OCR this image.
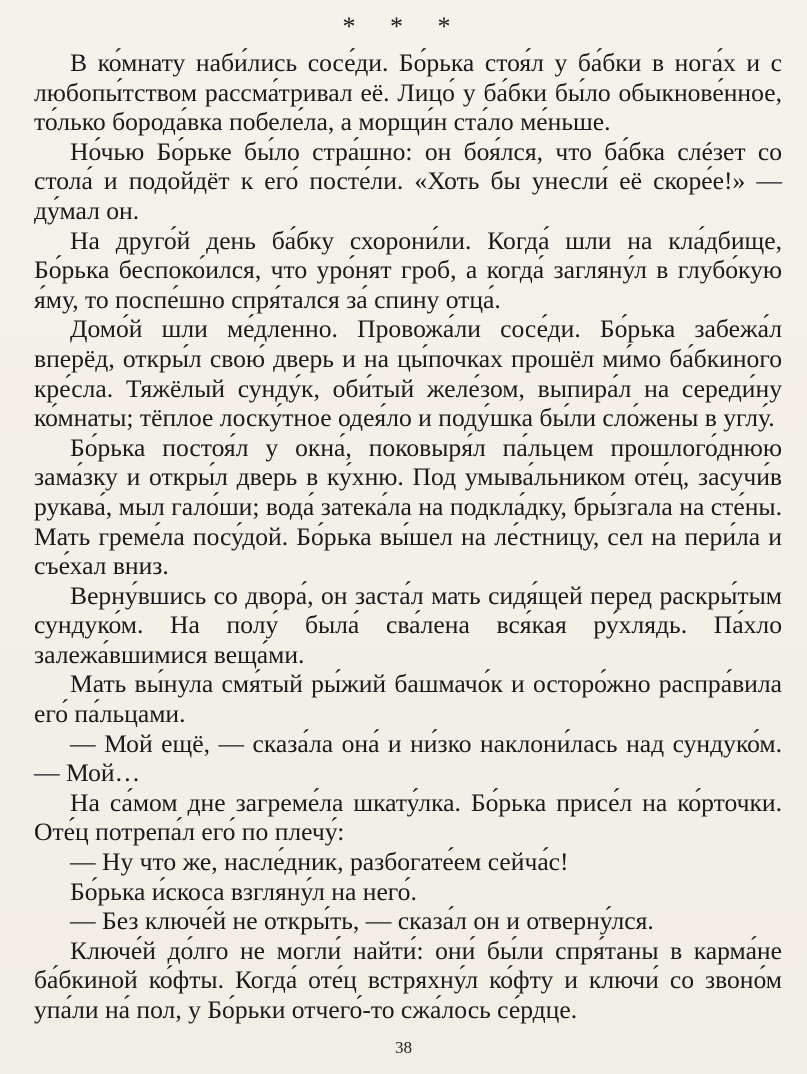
* * *

В ко́мнату наби́лись сосе́ди. Бо́рька стоя́л у ба́бки в нога́х и с любопы́тством рассма́тривал её. Лицо́ у ба́бки бы́ло обыкнове́нное, то́лько борода́вка побеле́ла, а морщи́н ста́ло ме́ньше.

Но́чью Бо́рьке бы́ло стра́шно: он боя́лся, что ба́бка слéзет со стола́ и подойдёт к его́ посте́ли. «Хоть бы унесли́ её скоре́е!» — ду́мал он.

На друго́й день ба́бку схорони́ли. Когда́ шли на кла́дбище, Бо́рька беспоко́ился, что уро́нят гроб, а когда́ загляну́л в глубо́кую я́му, то поспе́шно спря́тался за́ спину отца́.

Домо́й шли ме́дленно. Провожа́ли сосе́ди. Бо́рька забежа́л вперёд, откры́л свою́ дверь и на цы́почках прошёл ми́мо ба́бкиного кре́сла. Тяжёлый сунду́к, оби́тый желе́зом, выпира́л на середи́ну ко́мнаты; тёплое лоску́тное одея́ло и поду́шка бы́ли сло́жены в углу́.

Бо́рька постоя́л у окна́, поковыря́л па́льцем прошлого́днюю зама́зку и откры́л дверь в ку́хню. Под умыва́льником оте́ц, засучи́в рукава́, мыл гало́ши; вода́ затека́ла на подкла́дку, бры́згала на сте́ны. Мать греме́ла посу́дой. Бо́рька вы́шел на ле́стницу, сел на пери́ла и съе́хал вниз.

Верну́вшись со двора́, он заста́л мать сидя́щей перед раскры́тым сундуко́м. На полу́ была́ сва́лена вся́кая ру́хлядь. Па́хло залежа́вшимися веща́ми.

Мать вы́нула смя́тый ры́жий башмачо́к и осторо́жно распра́вила его́ па́льцами.

— Мой ещё, — сказа́ла она́ и ни́зко наклони́лась над сундуко́м. — Мой…

На са́мом дне загреме́ла шкату́лка. Бо́рька присе́л на ко́рточки. Оте́ц потрепа́л его́ по плечу́:

— Ну что же, насле́дник, разбогате́ем сейча́с!

Бо́рька и́скоса взгляну́л на него́.

— Без ключе́й не откры́ть, — сказа́л он и отверну́лся.

Ключе́й до́лго не могли́ найти́: они́ бы́ли спря́таны в карма́не ба́бкиной ко́фты. Когда́ оте́ц встряхну́л ко́фту и ключи́ со звоно́м упа́ли на́ пол, у Бо́рьки отчего́-то сжа́лось се́рдце.

38
